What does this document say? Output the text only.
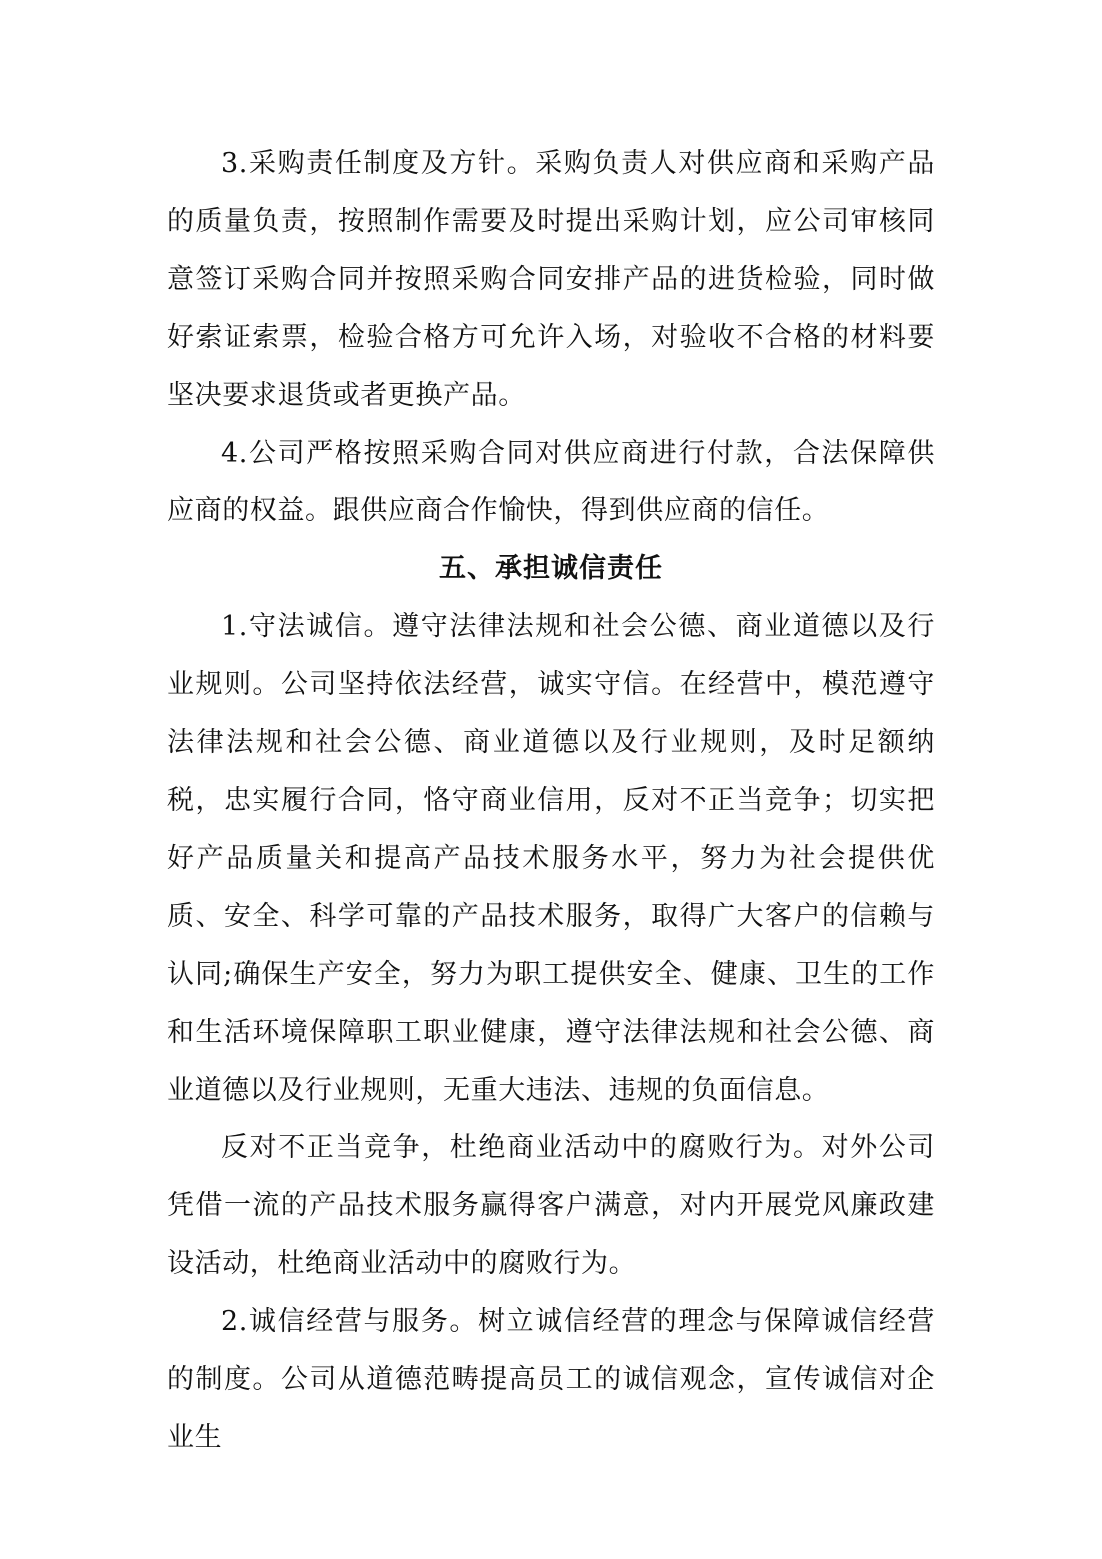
3.采购责任制度及方针。采购负责人对供应商和采购产品的质量负责，按照制作需要及时提出采购计划，应公司审核同意签订采购合同并按照采购合同安排产品的进货检验，同时做好索证索票，检验合格方可允许入场，对验收不合格的材料要坚决要求退货或者更换产品。

4.公司严格按照采购合同对供应商进行付款，合法保障供应商的权益。跟供应商合作愉快，得到供应商的信任。

五、承担诚信责任

1.守法诚信。遵守法律法规和社会公德、商业道德以及行业规则。公司坚持依法经营，诚实守信。在经营中，模范遵守法律法规和社会公德、商业道德以及行业规则，及时足额纳税，忠实履行合同，恪守商业信用，反对不正当竞争；切实把好产品质量关和提高产品技术服务水平，努力为社会提供优质、安全、科学可靠的产品技术服务，取得广大客户的信赖与认同;确保生产安全，努力为职工提供安全、健康、卫生的工作和生活环境保障职工职业健康，遵守法律法规和社会公德、商业道德以及行业规则，无重大违法、违规的负面信息。

反对不正当竞争，杜绝商业活动中的腐败行为。对外公司凭借一流的产品技术服务赢得客户满意，对内开展党风廉政建设活动，杜绝商业活动中的腐败行为。

2.诚信经营与服务。树立诚信经营的理念与保障诚信经营的制度。公司从道德范畴提高员工的诚信观念，宣传诚信对企业生
